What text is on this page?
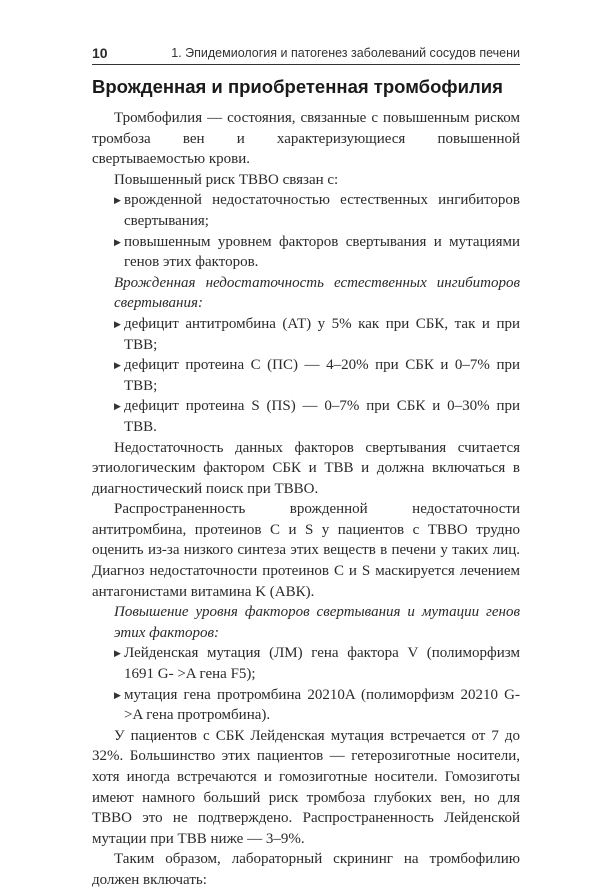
10	1. Эпидемиология и патогенез заболеваний сосудов печени
Врожденная и приобретенная тромбофилия

Тромбофилия — состояния, связанные с повышенным риском тромбоза вен и характеризующиеся повышенной свертываемостью крови.

Повышенный риск ТВВО связан с:

▶ врожденной недостаточностью естественных ингибиторов свертывания;
▶ повышенным уровнем факторов свертывания и мутациями генов этих факторов.

Врожденная недостаточность естественных ингибиторов свертывания:

▶ дефицит антитромбина (АТ) у 5% как при СБК, так и при ТВВ;
▶ дефицит протеина С (ПС) — 4–20% при СБК и 0–7% при ТВВ;
▶ дефицит протеина S (ПS) — 0–7% при СБК и 0–30% при ТВВ.

Недостаточность данных факторов свертывания считается этиологическим фактором СБК и ТВВ и должна включаться в диагностический поиск при ТВВО.

Распространенность врожденной недостаточности антитромбина, протеинов С и S у пациентов с ТВВО трудно оценить из-за низкого синтеза этих веществ в печени у таких лиц. Диагноз недостаточности протеинов С и S маскируется лечением антагонистами витамина K (АВК).

Повышение уровня факторов свертывания и мутации генов этих факторов:

▶ Лейденская мутация (ЛМ) гена фактора V (полиморфизм 1691 G- >A гена F5);
▶ мутация гена протромбина 20210A (полиморфизм 20210 G- >A гена протромбина).

У пациентов с СБК Лейденская мутация встречается от 7 до 32%. Большинство этих пациентов — гетерозиготные носители, хотя иногда встречаются и гомозиготные носители. Гомозиготы имеют намного больший риск тромбоза глубоких вен, но для ТВВО это не подтверждено. Распространенность Лейденской мутации при ТВВ ниже — 3–9%.

Таким образом, лабораторный скрининг на тромбофилию должен включать:
